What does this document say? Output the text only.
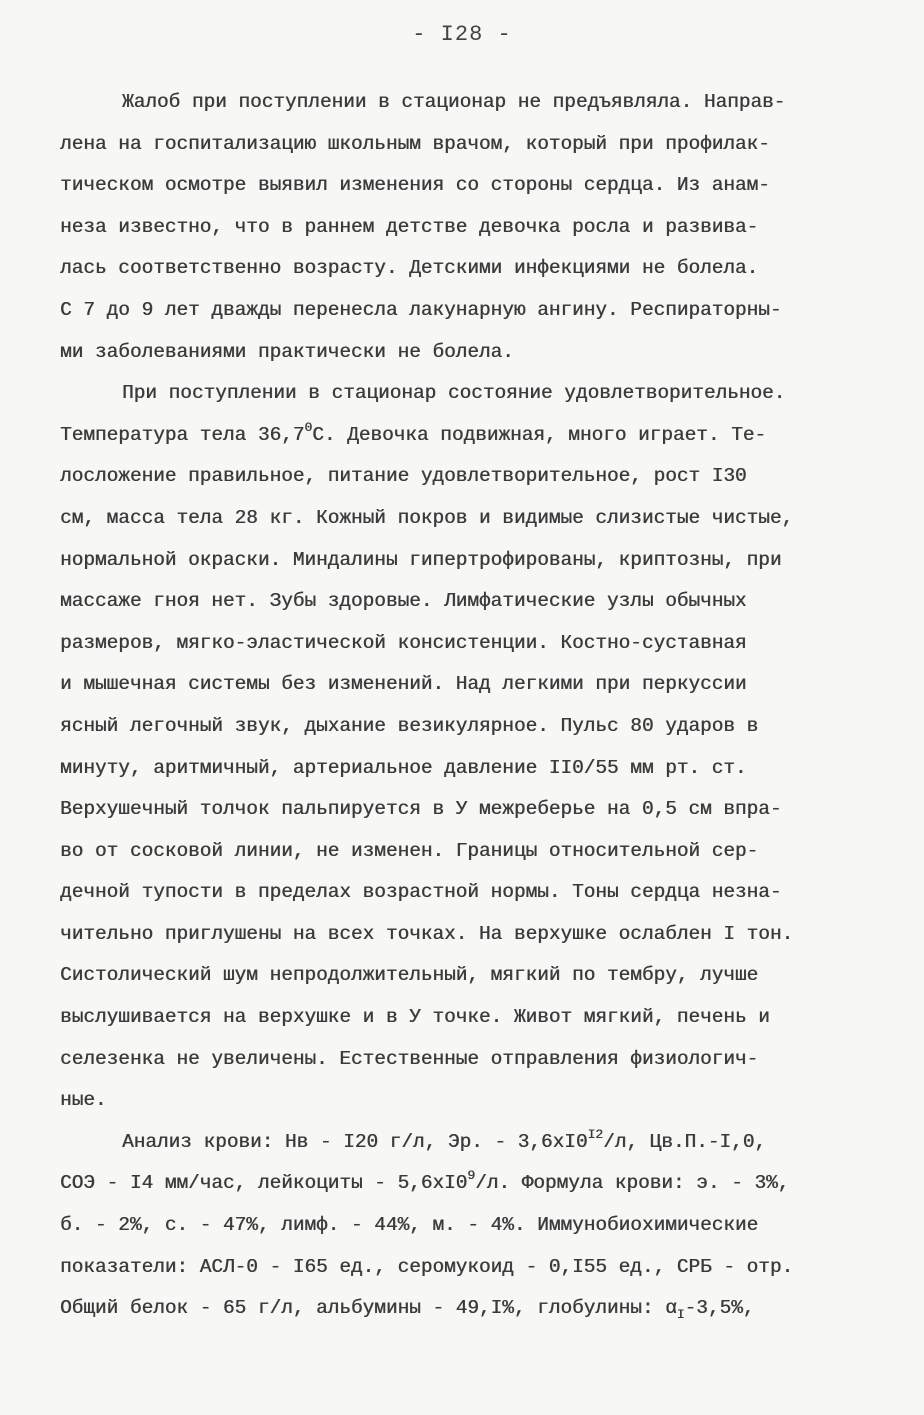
- I28 -
Жалоб при поступлении в стационар не предъявляла. Направ-
лена на госпитализацию школьным врачом, который при профилак-
тическом осмотре выявил изменения со стороны сердца. Из анам-
неза известно, что в раннем детстве девочка росла и развива-
лась соответственно возрасту. Детскими инфекциями не болела.
С 7 до 9 лет дважды перенесла лакунарную ангину. Респираторны-
ми заболеваниями практически не болела.
При поступлении в стационар состояние удовлетворительное.
Температура тела 36,7$^0$С. Девочка подвижная, много играет. Те-
лосложение правильное, питание удовлетворительное, рост I30
см, масса тела 28 кг. Кожный покров и видимые слизистые чистые,
нормальной окраски. Миндалины гипертрофированы, криптозны, при
массаже гноя нет. Зубы здоровые. Лимфатические узлы обычных
размеров, мягко-эластической консистенции. Костно-суставная
и мышечная системы без изменений. Над легкими при перкуссии
ясный легочный звук, дыхание везикулярное. Пульс 80 ударов в
минуту, аритмичный, артериальное давление II0/55 мм рт. ст.
Верхушечный толчок пальпируется в У межреберье на 0,5 см впра-
во от сосковой линии, не изменен. Границы относительной сер-
дечной тупости в пределах возрастной нормы. Тоны сердца незна-
чительно приглушены на всех точках. На верхушке ослаблен I тон.
Систолический шум непродолжительный, мягкий по тембру, лучше
выслушивается на верхушке и в У точке. Живот мягкий, печень и
селезенка не увеличены. Естественные отправления физиологич-
ные.
Анализ крови: Нв - I20 г/л, Эр. - $3,6xI0^{I2}/л$, Цв.П.-I,0,
СОЭ - I4 мм/час, лейкоциты - $5,6xI0^9/л$. Формула крови: э. - 3%,
б. - 2%, с. - 47%, лимф. - 44%, м. - 4%. Иммунобиохимические
показатели: АСЛ-0 - I65 ед., серомукоид - 0,I55 ед., СРБ - отр.
Общий белок - 65 г/л, альбумины - 49,I%, глобулины: $\alpha_I-3,5\%$,
